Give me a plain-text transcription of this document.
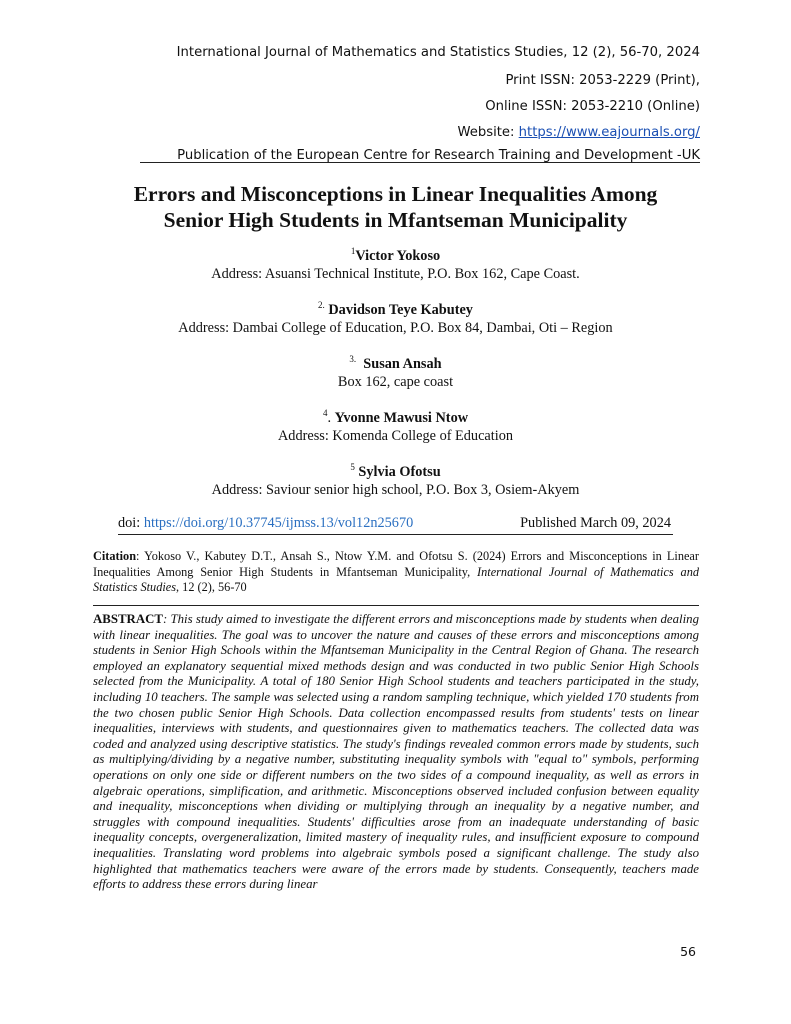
International Journal of Mathematics and Statistics Studies, 12 (2), 56-70, 2024
Print ISSN: 2053-2229 (Print),
Online ISSN: 2053-2210 (Online)
Website: https://www.eajournals.org/
Publication of the European Centre for Research Training and Development -UK
Errors and Misconceptions in Linear Inequalities Among
Senior High Students in Mfantseman Municipality
$^1$Victor Yokoso
Address: Asuansi Technical Institute, P.O. Box 162, Cape Coast.
$^{2.}$ Davidson Teye Kabutey
Address: Dambai College of Education, P.O. Box 84, Dambai, Oti – Region
$^{3.}$ Susan Ansah
Box 162, cape coast
$^4$. Yvonne Mawusi Ntow
Address: Komenda College of Education
$^5$ Sylvia Ofotsu
Address: Saviour senior high school, P.O. Box 3, Osiem-Akyem
doi: https://doi.org/10.37745/ijmss.13/vol12n25670	Published March 09, 2024
Citation: Yokoso V., Kabutey D.T., Ansah S., Ntow Y.M. and Ofotsu S. (2024) Errors and Misconceptions in Linear Inequalities Among Senior High Students in Mfantseman Municipality, International Journal of Mathematics and Statistics Studies, 12 (2), 56-70
ABSTRACT: This study aimed to investigate the different errors and misconceptions made by students when dealing with linear inequalities. The goal was to uncover the nature and causes of these errors and misconceptions among students in Senior High Schools within the Mfantseman Municipality in the Central Region of Ghana. The research employed an explanatory sequential mixed methods design and was conducted in two public Senior High Schools selected from the Municipality. A total of 180 Senior High School students and teachers participated in the study, including 10 teachers. The sample was selected using a random sampling technique, which yielded 170 students from the two chosen public Senior High Schools. Data collection encompassed results from students' tests on linear inequalities, interviews with students, and questionnaires given to mathematics teachers. The collected data was coded and analyzed using descriptive statistics. The study's findings revealed common errors made by students, such as multiplying/dividing by a negative number, substituting inequality symbols with "equal to" symbols, performing operations on only one side or different numbers on the two sides of a compound inequality, as well as errors in algebraic operations, simplification, and arithmetic. Misconceptions observed included confusion between equality and inequality, misconceptions when dividing or multiplying through an inequality by a negative number, and struggles with compound inequalities. Students' difficulties arose from an inadequate understanding of basic inequality concepts, overgeneralization, limited mastery of inequality rules, and insufficient exposure to compound inequalities. Translating word problems into algebraic symbols posed a significant challenge. The study also highlighted that mathematics teachers were aware of the errors made by students. Consequently, teachers made efforts to address these errors during linear
56
